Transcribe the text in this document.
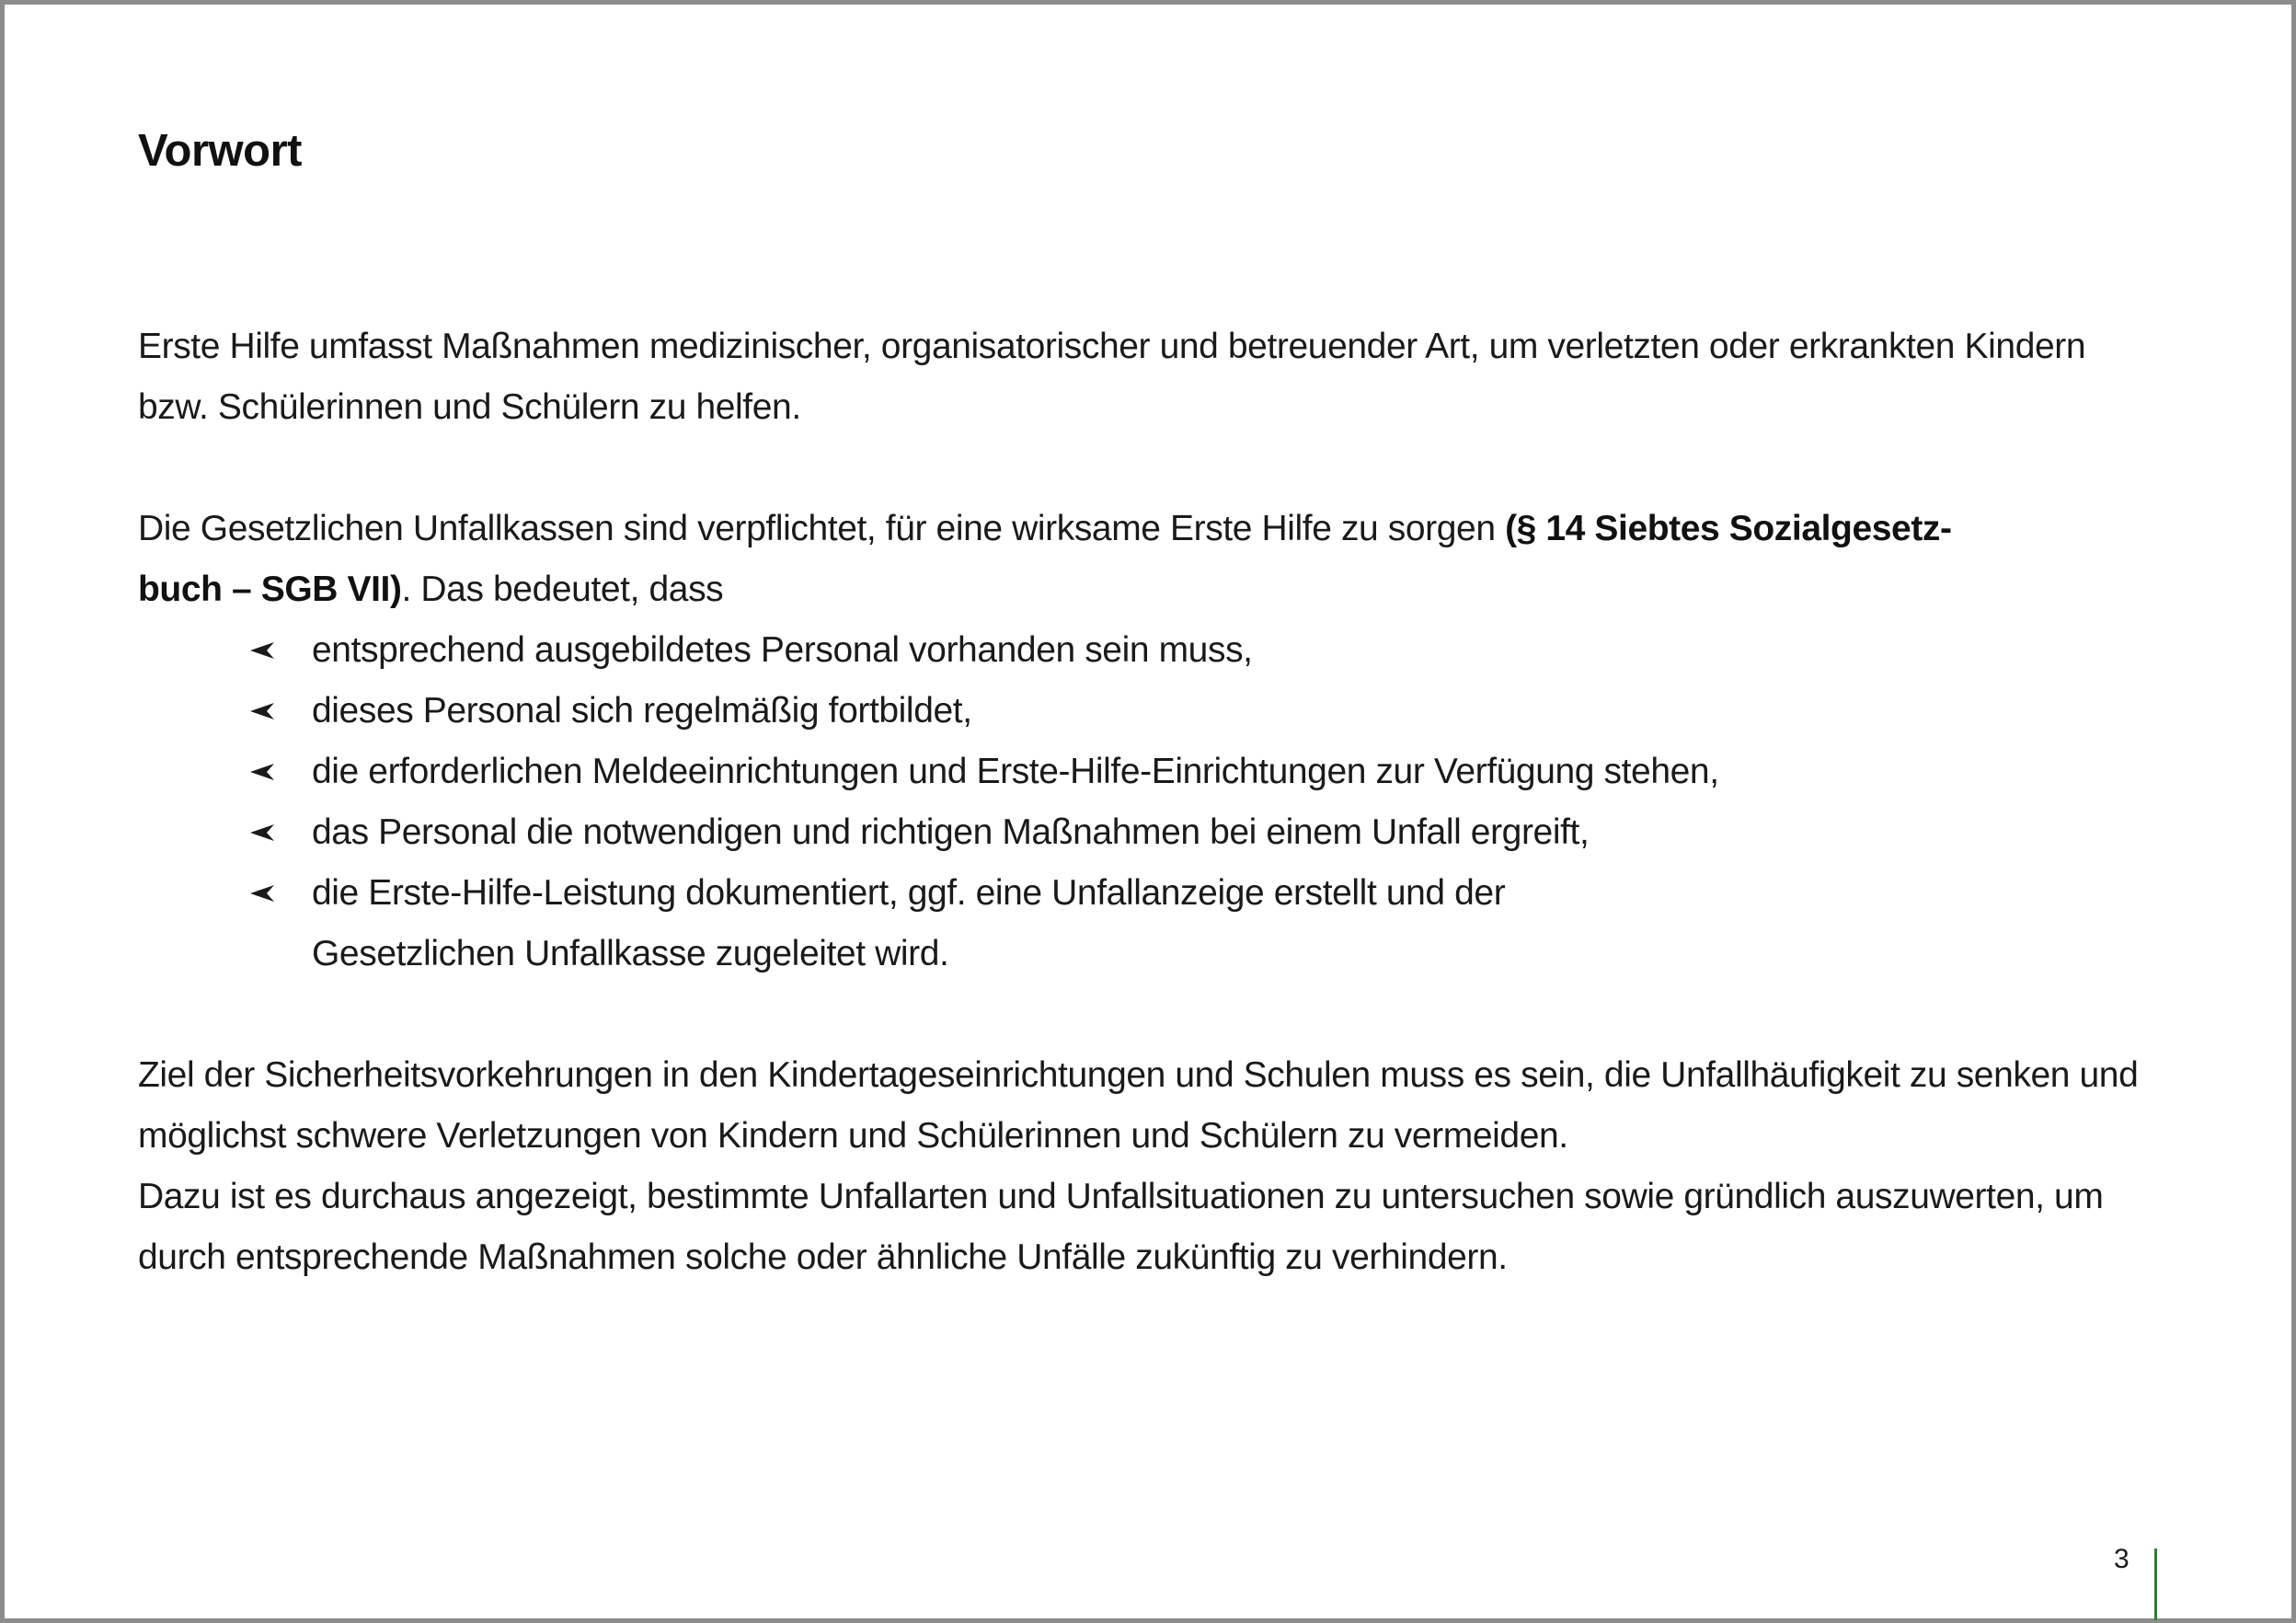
Vorwort

Erste Hilfe umfasst Maßnahmen medizinischer, organisatorischer und betreuender Art, um verletzten oder erkrankten Kindern bzw. Schülerinnen und Schülern zu helfen.

Die Gesetzlichen Unfallkassen sind verpflichtet, für eine wirksame Erste Hilfe zu sorgen (§ 14 Siebtes Sozialgesetz-
buch – SGB VII). Das bedeutet, dass

entsprechend ausgebildetes Personal vorhanden sein muss,
dieses Personal sich regelmäßig fortbildet,
die erforderlichen Meldeeinrichtungen und Erste-Hilfe-Einrichtungen zur Verfügung stehen,
das Personal die notwendigen und richtigen Maßnahmen bei einem Unfall ergreift,
die Erste-Hilfe-Leistung dokumentiert, ggf. eine Unfallanzeige erstellt und der
Gesetzlichen Unfallkasse zugeleitet wird.

Ziel der Sicherheitsvorkehrungen in den Kindertageseinrichtungen und Schulen muss es sein, die Unfallhäufigkeit zu senken und möglichst schwere Verletzungen von Kindern und Schülerinnen und Schülern zu vermeiden.
Dazu ist es durchaus angezeigt, bestimmte Unfallarten und Unfallsituationen zu untersuchen sowie gründlich auszuwerten, um durch entsprechende Maßnahmen solche oder ähnliche Unfälle zukünftig zu verhindern.

3
